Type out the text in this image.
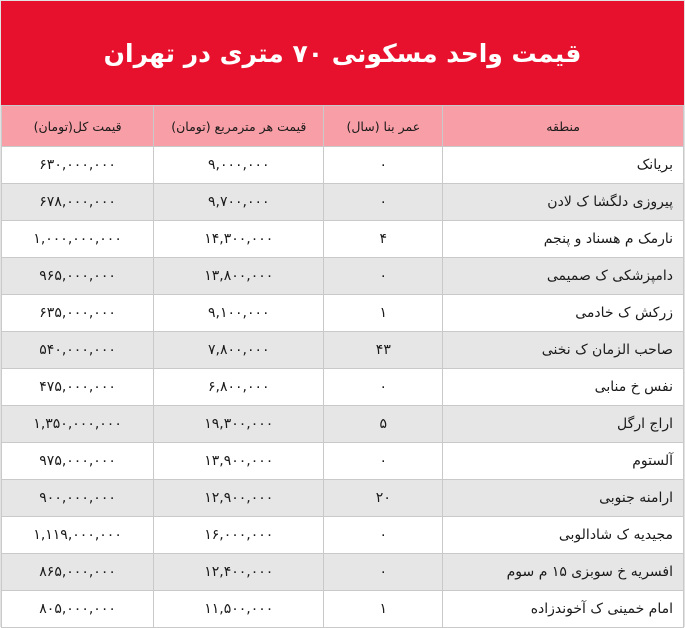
قیمت واحد مسکونی ۷۰ متری در تهران
منطقه	عمر بنا (سال)	قیمت هر مترمربع (تومان)	قیمت کل(تومان)
بریانک	۰	۹,۰۰۰,۰۰۰	۶۳۰,۰۰۰,۰۰۰
پیروزی دلگشا ک لادن	۰	۹,۷۰۰,۰۰۰	۶۷۸,۰۰۰,۰۰۰
نارمک م هسناد و پنجم	۴	۱۴,۳۰۰,۰۰۰	۱,۰۰۰,۰۰۰,۰۰۰
دامپزشکی ک صمیمی	۰	۱۳,۸۰۰,۰۰۰	۹۶۵,۰۰۰,۰۰۰
زرکش ک خادمی	۱	۹,۱۰۰,۰۰۰	۶۳۵,۰۰۰,۰۰۰
صاحب الزمان ک نخنی	۴۳	۷,۸۰۰,۰۰۰	۵۴۰,۰۰۰,۰۰۰
نفس خ منابی	۰	۶,۸۰۰,۰۰۰	۴۷۵,۰۰۰,۰۰۰
اراج ارگل	۵	۱۹,۳۰۰,۰۰۰	۱,۳۵۰,۰۰۰,۰۰۰
آلستوم	۰	۱۳,۹۰۰,۰۰۰	۹۷۵,۰۰۰,۰۰۰
ارامنه جنوبی	۲۰	۱۲,۹۰۰,۰۰۰	۹۰۰,۰۰۰,۰۰۰
مجیدیه ک شادالوبی	۰	۱۶,۰۰۰,۰۰۰	۱,۱۱۹,۰۰۰,۰۰۰
افسریه خ سوبزی ۱۵ م سوم	۰	۱۲,۴۰۰,۰۰۰	۸۶۵,۰۰۰,۰۰۰
امام خمینی ک آخوندزاده	۱	۱۱,۵۰۰,۰۰۰	۸۰۵,۰۰۰,۰۰۰
